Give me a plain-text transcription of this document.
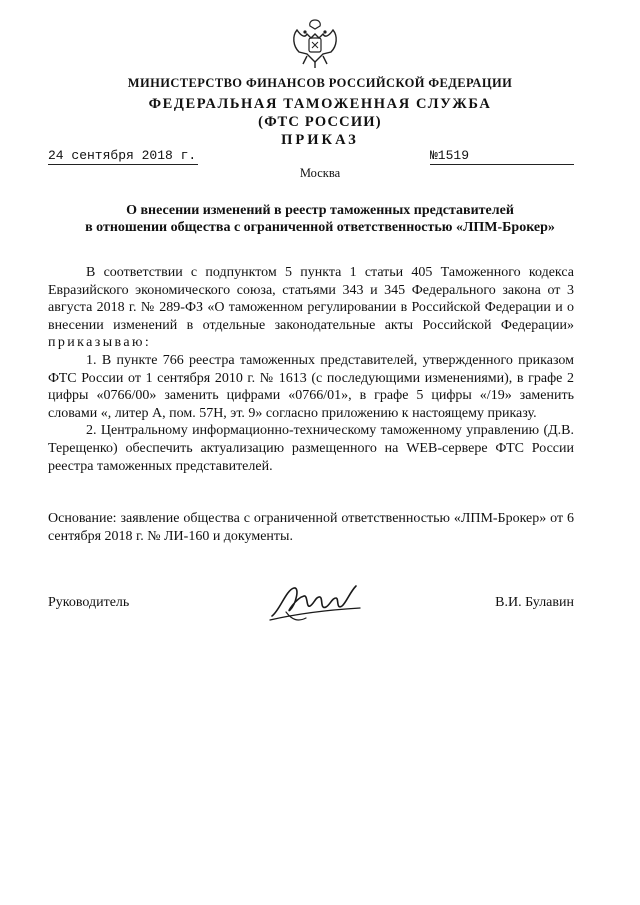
МИНИСТЕРСТВО ФИНАНСОВ РОССИЙСКОЙ ФЕДЕРАЦИИ
ФЕДЕРАЛЬНАЯ ТАМОЖЕННАЯ СЛУЖБА
(ФТС РОССИИ)
ПРИКАЗ
24 сентября 2018 г.	№1519
Москва
О внесении изменений в реестр таможенных представителей
в отношении общества с ограниченной ответственностью «ЛПМ-Брокер»

В соответствии с подпунктом 5 пункта 1 статьи 405 Таможенного кодекса Евразийского экономического союза, статьями 343 и 345 Федерального закона от 3 августа 2018 г. № 289-ФЗ «О таможенном регулировании в Российской Федерации и о внесении изменений в отдельные законодательные акты Российской Федерации» приказываю:

1. В пункте 766 реестра таможенных представителей, утвержденного приказом ФТС России от 1 сентября 2010 г. № 1613 (с последующими изменениями), в графе 2 цифры «0766/00» заменить цифрами «0766/01», в графе 5 цифры «/19» заменить словами «, литер А, пом. 57Н, эт. 9» согласно приложению к настоящему приказу.

2. Центральному информационно-техническому таможенному управлению (Д.В. Терещенко) обеспечить актуализацию размещенного на WEB-сервере ФТС России реестра таможенных представителей.

Основание: заявление общества с ограниченной ответственностью «ЛПМ-Брокер» от 6 сентября 2018 г. № ЛИ-160 и документы.
Руководитель	В.И. Булавин
